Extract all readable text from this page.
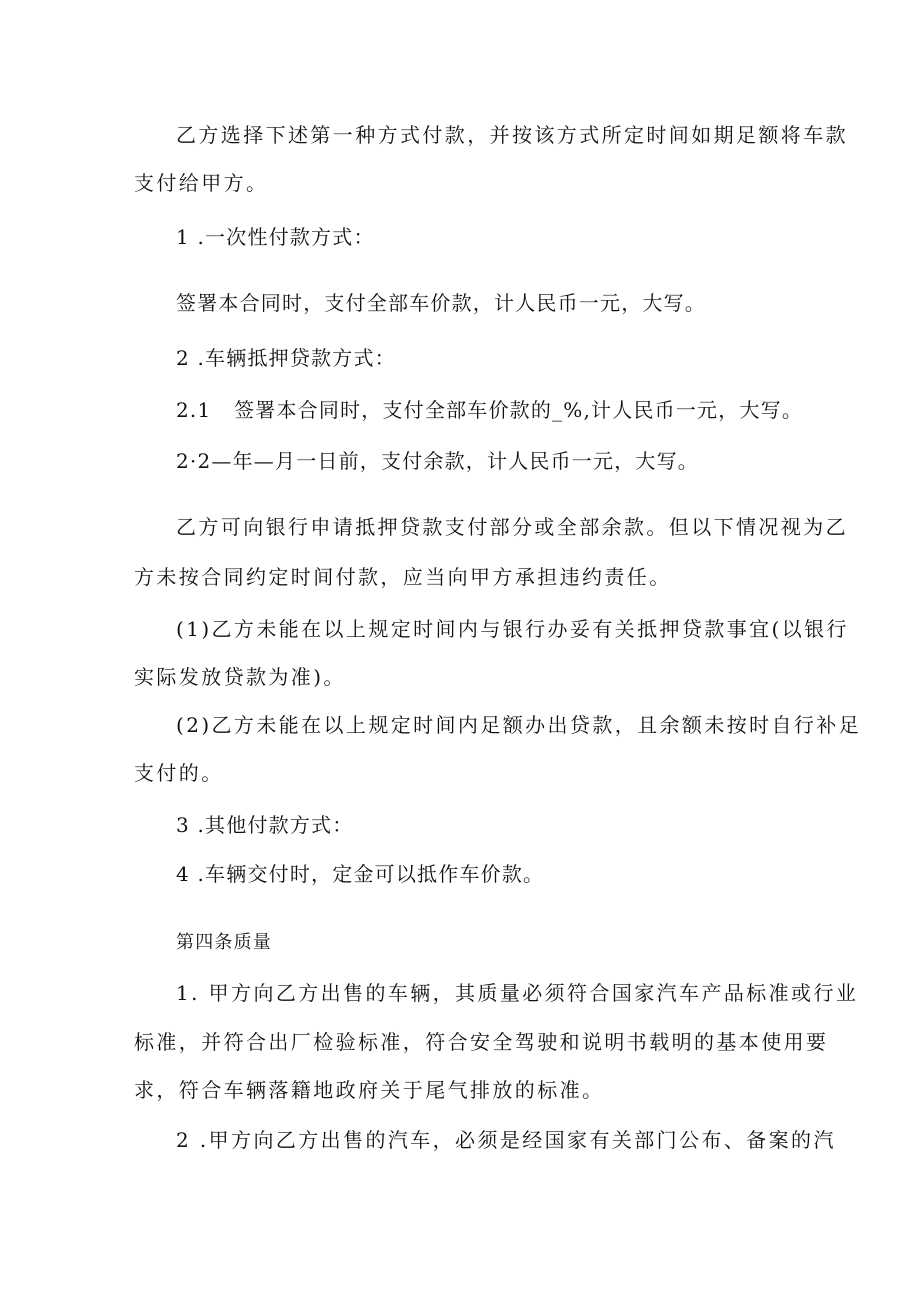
乙方选择下述第一种方式付款，并按该方式所定时间如期足额将车款
支付给甲方。
1 .一次性付款方式：
签署本合同时，支付全部车价款，计人民币一元，大写。
2 .车辆抵押贷款方式：
2.1   签署本合同时，支付全部车价款的_%,计人民币一元，大写。
2·2—年—月一日前，支付余款，计人民币一元，大写。
乙方可向银行申请抵押贷款支付部分或全部余款。但以下情况视为乙
方未按合同约定时间付款，应当向甲方承担违约责任。
(1)乙方未能在以上规定时间内与银行办妥有关抵押贷款事宜(以银行
实际发放贷款为准)。
(2)乙方未能在以上规定时间内足额办出贷款，且余额未按时自行补足
支付的。
3 .其他付款方式：
4 .车辆交付时，定金可以抵作车价款。
第四条质量
1. 甲方向乙方出售的车辆，其质量必须符合国家汽车产品标准或行业
标准，并符合出厂检验标准，符合安全驾驶和说明书载明的基本使用要
求，符合车辆落籍地政府关于尾气排放的标准。
2 .甲方向乙方出售的汽车，必须是经国家有关部门公布、备案的汽
